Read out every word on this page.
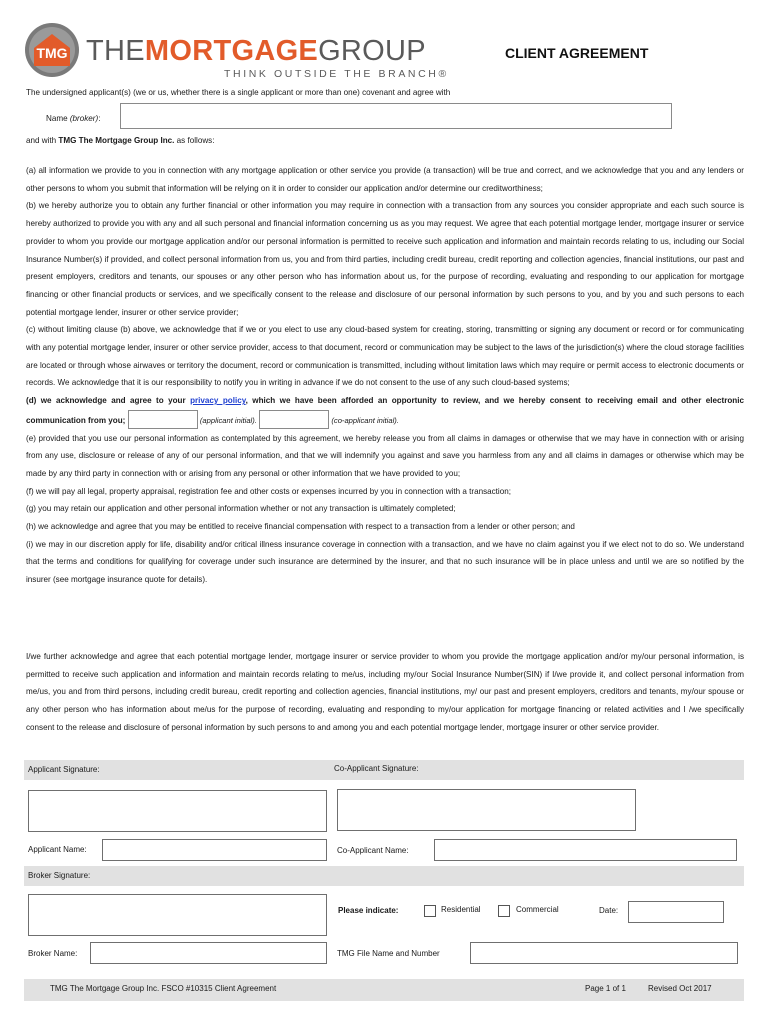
TMG THEMORTGAGEGROUP
THINK OUTSIDE THE BRANCH®
CLIENT AGREEMENT
The undersigned applicant(s) (we or us, whether there is a single applicant or more than one) covenant and agree with
Name (broker):
and with TMG The Mortgage Group Inc. as follows:
(a) all information we provide to you in connection with any mortgage application or other service you provide (a transaction) will be true and correct, and we acknowledge that you and any lenders or other persons to whom you submit that information will be relying on it in order to consider our application and/or determine our creditworthiness;
(b) we hereby authorize you to obtain any further financial or other information you may require in connection with a transaction from any sources you consider appropriate and each such source is hereby authorized to provide you with any and all such personal and financial information concerning us as you may request. We agree that each potential mortgage lender, mortgage insurer or service provider to whom you provide our mortgage application and/or our personal information is permitted to receive such application and information and maintain records relating to us, including our Social Insurance Number(s) if provided, and collect personal information from us, you and from third parties, including credit bureau, credit reporting and collection agencies, financial institutions, our past and present employers, creditors and tenants, our spouses or any other person who has information about us, for the purpose of recording, evaluating and responding to our application for mortgage financing or other financial products or services, and we specifically consent to the release and disclosure of our personal information by such persons to you, and by you and such persons to each potential mortgage lender, insurer or other service provider;
(c) without limiting clause (b) above, we acknowledge that if we or you elect to use any cloud-based system for creating, storing, transmitting or signing any document or record or for communicating with any potential mortgage lender, insurer or other service provider, access to that document, record or communication may be subject to the laws of the jurisdiction(s) where the cloud storage facilities are located or through whose airwaves or territory the document, record or communication is transmitted, including without limitation laws which may require or permit access to electronic documents or records. We acknowledge that it is our responsibility to notify you in writing in advance if we do not consent to the use of any such cloud-based systems;
(d) we acknowledge and agree to your privacy policy, which we have been afforded an opportunity to review, and we hereby consent to receiving email and other electronic communication from you;	(applicant initial).	(co-applicant initial).
(e) provided that you use our personal information as contemplated by this agreement, we hereby release you from all claims in damages or otherwise that we may have in connection with or arising from any use, disclosure or release of any of our personal information, and that we will indemnify you against and save you harmless from any and all claims in damages or otherwise which may be made by any third party in connection with or arising from any personal or other information that we have provided to you;
(f) we will pay all legal, property appraisal, registration fee and other costs or expenses incurred by you in connection with a transaction;
(g) you may retain our application and other personal information whether or not any transaction is ultimately completed;
(h) we acknowledge and agree that you may be entitled to receive financial compensation with respect to a transaction from a lender or other person; and
(i) we may in our discretion apply for life, disability and/or critical illness insurance coverage in connection with a transaction, and we have no claim against you if we elect not to do so. We understand that the terms and conditions for qualifying for coverage under such insurance are determined by the insurer, and that no such insurance will be in place unless and until we are so notified by the insurer (see mortgage insurance quote for details).
I/we further acknowledge and agree that each potential mortgage lender, mortgage insurer or service provider to whom you provide the mortgage application and/or my/our personal information, is permitted to receive such application and information and maintain records relating to me/us, including my/our Social Insurance Number(SIN) if I/we provide it, and collect personal information from me/us, you and from third persons, including credit bureau, credit reporting and collection agencies, financial institutions, my/ our past and present employers, creditors and tenants, my/our spouse or any other person who has information about me/us for the purpose of recording, evaluating and responding to my/our application for mortgage financing or related activities and I /we specifically consent to the release and disclosure of personal information by such persons to and among you and each potential mortgage lender, mortgage insurer or other service provider.
Applicant Signature:	Co-Applicant Signature:
Applicant Name:	Co-Applicant Name:
Broker Signature:
Please indicate:	Residential	Commercial	Date:
Broker Name:	TMG File Name and Number
TMG The Mortgage Group Inc. FSCO #10315 Client Agreement	Page 1 of 1	Revised Oct 2017
